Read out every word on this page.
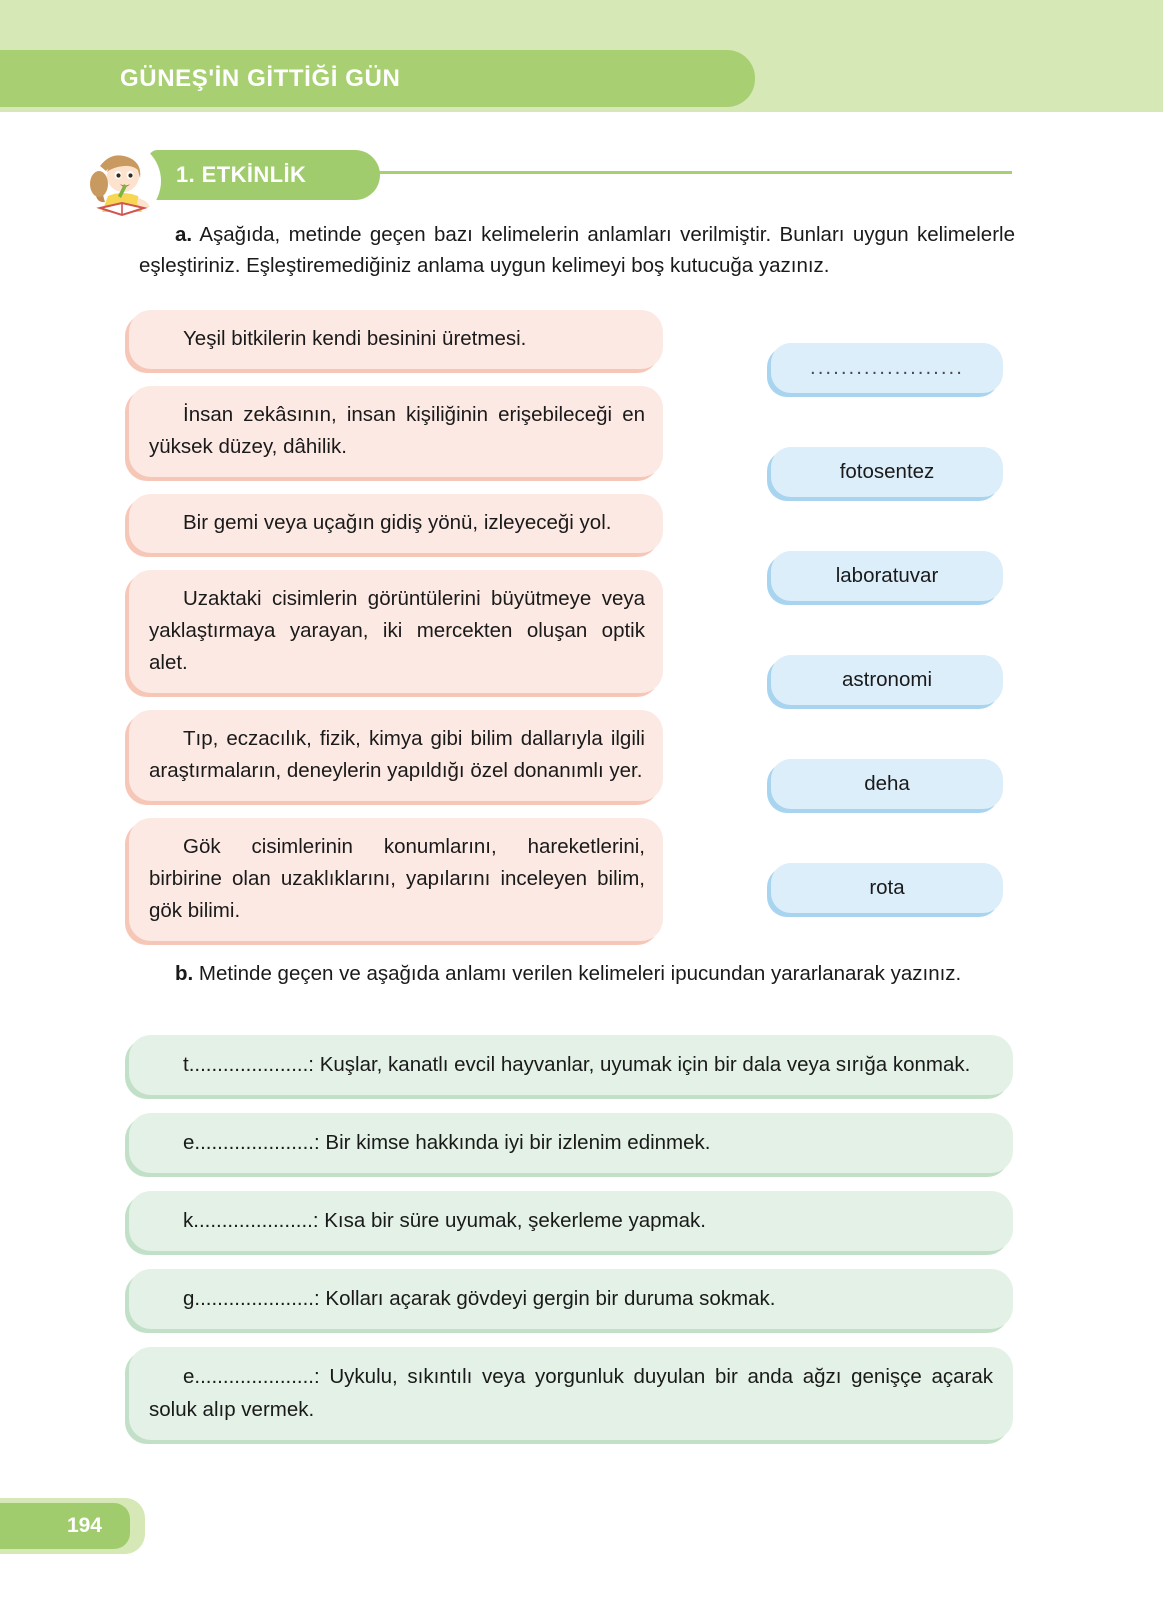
GÜNEŞ'İN GİTTİĞİ GÜN
1. ETKİNLİK

a. Aşağıda, metinde geçen bazı kelimelerin anlamları verilmiştir. Bunları uygun kelimelerle eşleştiriniz. Eşleştiremediğiniz anlama uygun kelimeyi boş kutucuğa yazınız.

Yeşil bitkilerin kendi besinini üretmesi.
İnsan zekâsının, insan kişiliğinin erişebileceği en yüksek düzey, dâhilik.
Bir gemi veya uçağın gidiş yönü, izleyeceği yol.
Uzaktaki cisimlerin görüntülerini büyütmeye veya yaklaştırmaya yarayan, iki mercekten oluşan optik alet.
Tıp, eczacılık, fizik, kimya gibi bilim dallarıyla ilgili araştırmaların, deneylerin yapıldığı özel donanımlı yer.
Gök cisimlerinin konumlarını, hareketlerini, birbirine olan uzaklıklarını, yapılarını inceleyen bilim, gök bilimi.
....................
fotosentez
laboratuvar
astronomi
deha
rota

b. Metinde geçen ve aşağıda anlamı verilen kelimeleri ipucundan yararlanarak yazınız.

t.....................: Kuşlar, kanatlı evcil hayvanlar, uyumak için bir dala veya sırığa konmak.
e.....................: Bir kimse hakkında iyi bir izlenim edinmek.
k.....................: Kısa bir süre uyumak, şekerleme yapmak.
g.....................: Kolları açarak gövdeyi gergin bir duruma sokmak.
e.....................: Uykulu, sıkıntılı veya yorgunluk duyulan bir anda ağzı genişçe açarak soluk alıp vermek.
194
